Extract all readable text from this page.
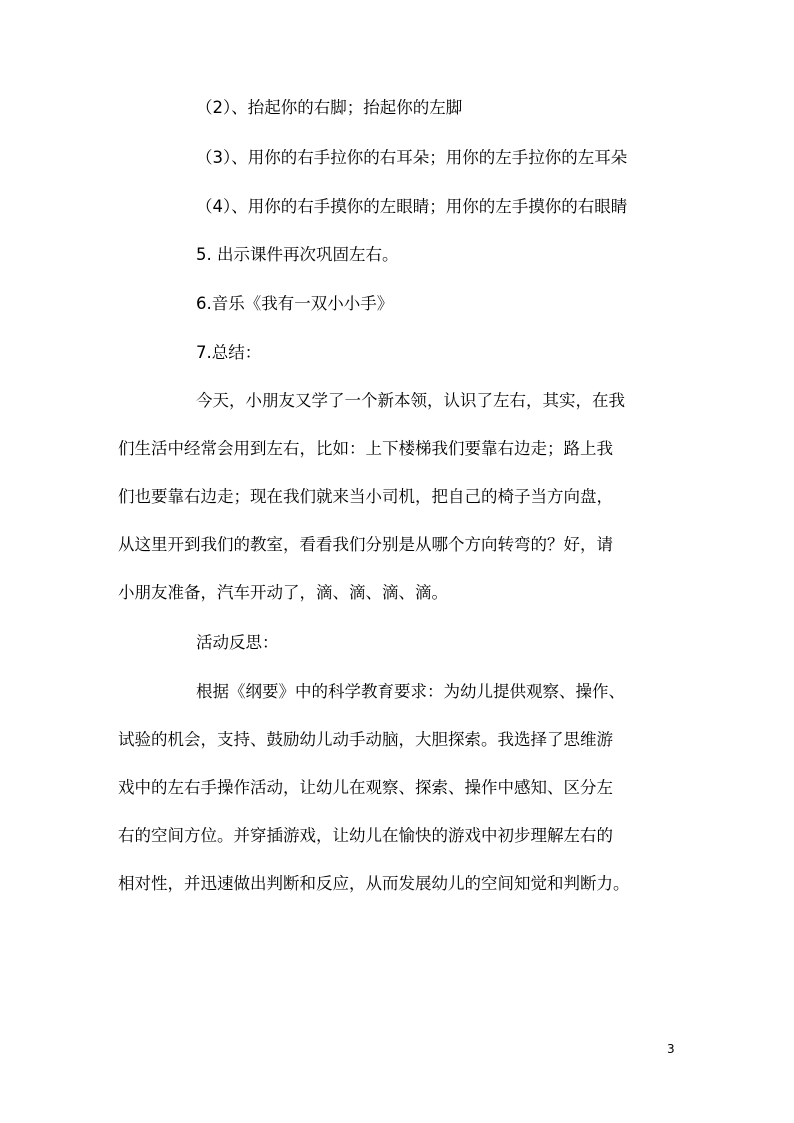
（2）、抬起你的右脚；抬起你的左脚
（3）、用你的右手拉你的右耳朵；用你的左手拉你的左耳朵
（4）、用你的右手摸你的左眼睛；用你的左手摸你的右眼睛
5. 出示课件再次巩固左右。
6.音乐《我有一双小小手》
7.总结：
今天，小朋友又学了一个新本领，认识了左右，其实，在我
们生活中经常会用到左右，比如：上下楼梯我们要靠右边走；路上我
们也要靠右边走；现在我们就来当小司机，把自己的椅子当方向盘，
从这里开到我们的教室，看看我们分别是从哪个方向转弯的？好，请
小朋友准备，汽车开动了，滴、滴、滴、滴。
活动反思：
根据《纲要》中的科学教育要求：为幼儿提供观察、操作、
试验的机会，支持、鼓励幼儿动手动脑，大胆探索。我选择了思维游
戏中的左右手操作活动，让幼儿在观察、探索、操作中感知、区分左
右的空间方位。并穿插游戏，让幼儿在愉快的游戏中初步理解左右的
相对性，并迅速做出判断和反应，从而发展幼儿的空间知觉和判断力。
3
